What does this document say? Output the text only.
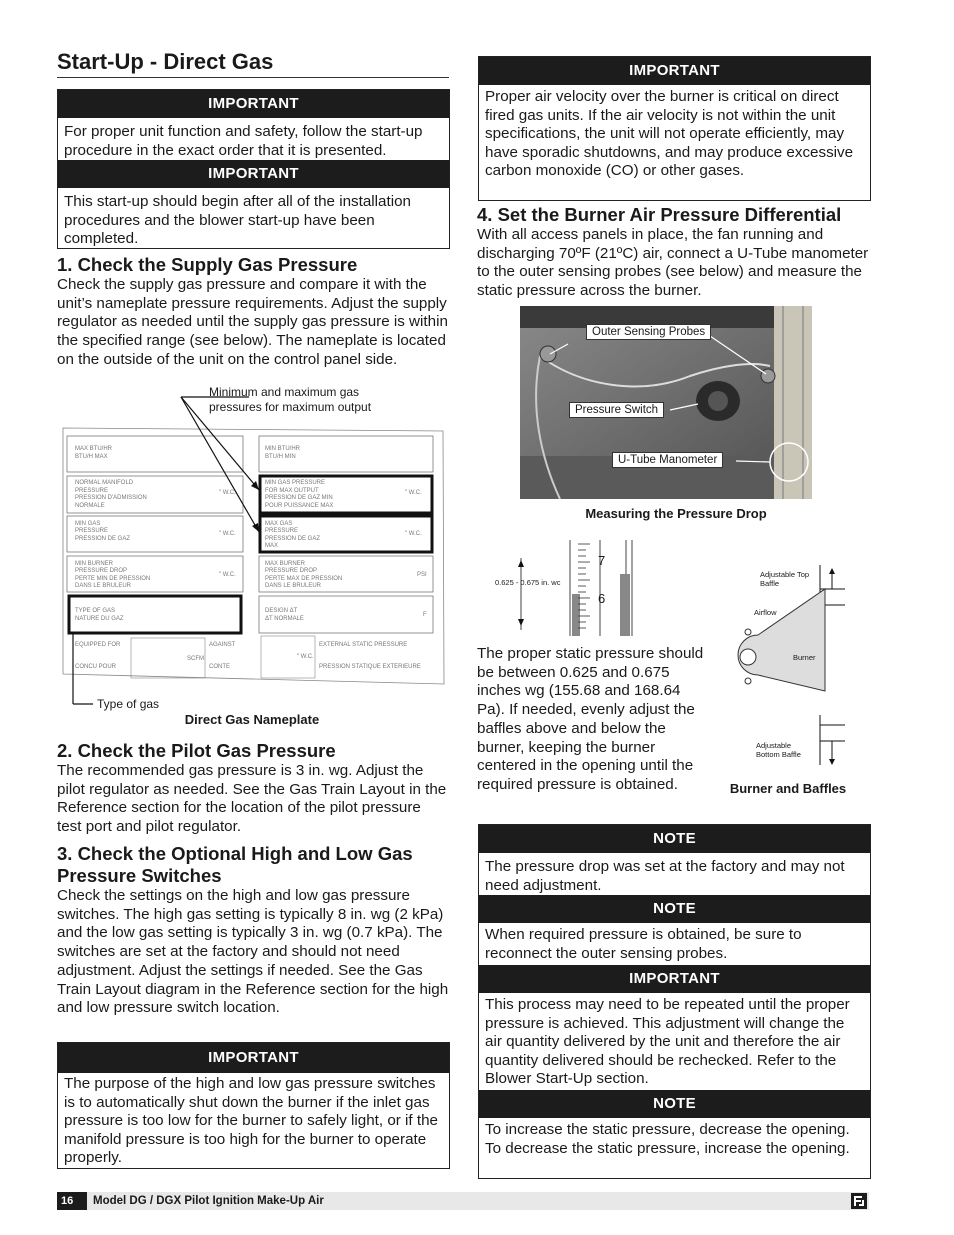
Start-Up - Direct Gas
IMPORTANT
For proper unit function and safety, follow the start-up procedure in the exact order that it is presented.
IMPORTANT
This start-up should begin after all of the installation procedures and the blower start-up have been completed.
1. Check the Supply Gas Pressure
Check the supply gas pressure and compare it with the unit’s nameplate pressure requirements. Adjust the supply regulator as needed until the supply gas pressure is within the specified range (see below). The nameplate is located on the outside of the unit on the control panel side.
Minimum and maximum gas pressures for maximum output
MAX BTU/HR
BTU/H MAX
MIN BTU/HR
BTU/H MIN
NORMAL MANIFOLD
PRESSURE
PRESSION D'ADMISSION
NORMALE
" W.C.
MIN GAS PRESSURE
FOR MAX OUTPUT
PRESSION DE GAZ MIN
POUR PUISSANCE MAX
" W.C.
MIN GAS
PRESSURE
PRESSION DE GAZ
" W.C.
MAX GAS
PRESSURE
PRESSION DE GAZ
MAX
" W.C.
MIN BURNER
PRESSURE DROP
PERTE MIN DE PRESSION
DANS LE BRULEUR
" W.C.
MAX BURNER
PRESSURE DROP
PERTE MAX DE PRESSION
DANS LE BRULEUR
PSI
TYPE OF GAS
NATURE DU GAZ
DESIGN ΔT
ΔT NORMALE
F
EQUIPPED FOR
CONCU POUR
SCFM
AGAINST
CONTE
" W.C.
EXTERNAL STATIC PRESSURE
PRESSION STATIQUE EXTERIEURE
Type of gas
Direct Gas Nameplate
2. Check the Pilot Gas Pressure
The recommended gas pressure is 3 in. wg. Adjust the pilot regulator as needed. See the Gas Train Layout in the Reference section for the location of the pilot pressure test port and pilot regulator.
3. Check the Optional High and Low Gas
Pressure Switches
Check the settings on the high and low gas pressure switches. The high gas setting is typically 8 in. wg (2 kPa) and the low gas setting is typically 3 in. wg (0.7 kPa). The switches are set at the factory and should not need adjustment. Adjust the settings if needed. See the Gas Train Layout diagram in the Reference section for the high and low pressure switch location.
IMPORTANT
The purpose of the high and low gas pressure switches is to automatically shut down the burner if the inlet gas pressure is too low for the burner to safely light, or if the manifold pressure is too high for the burner to operate properly.
IMPORTANT
Proper air velocity over the burner is critical on direct fired gas units. If the air velocity is not within the unit specifications, the unit will not operate efficiently, may have sporadic shutdowns, and may produce excessive carbon monoxide (CO) or other gases.
4. Set the Burner Air Pressure Differential
With all access panels in place, the fan running and discharging 70ºF (21ºC) air, connect a U-Tube manometer to the outer sensing probes (see below) and measure the static pressure across the burner.
Outer Sensing Probes
Pressure Switch
U-Tube Manometer
Measuring the Pressure Drop
0.625 - 0.675 in. wc
7
6
Adjustable Top Baffle
Airflow
Burner
Adjustable Bottom Baffle
Burner and Baffles
The proper static pressure should be between 0.625 and 0.675 inches wg (155.68 and 168.64 Pa). If needed, evenly adjust the baffles above and below the burner, keeping the burner centered in the opening until the required pressure is obtained.
NOTE
The pressure drop was set at the factory and may not need adjustment.
NOTE
When required pressure is obtained, be sure to reconnect the outer sensing probes.
IMPORTANT
This process may need to be repeated until the proper pressure is achieved. This adjustment will change the air quantity delivered by the unit and therefore the air quantity delivered should be rechecked. Refer to the Blower Start-Up section.
NOTE
To increase the static pressure, decrease the opening. To decrease the static pressure, increase the opening.
16	Model DG / DGX Pilot Ignition Make-Up Air
